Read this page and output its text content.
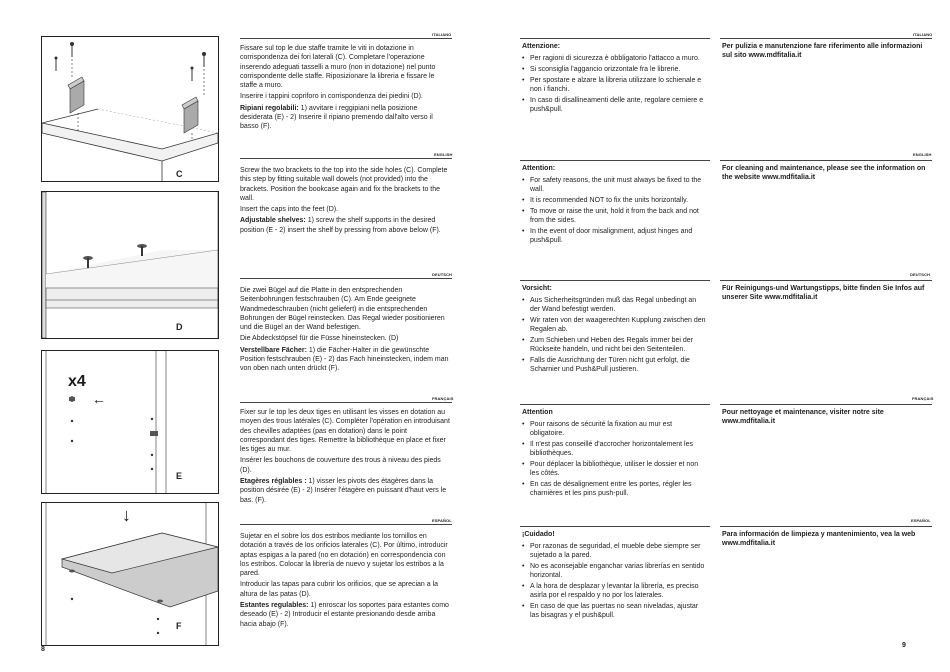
C
D
x4
←
E
↓
F
ITALIANO

Fissare sul top le due staffe tramite le viti in dotazione in corrispondenza dei fori laterali (C). Completare l'operazione inserendo adeguati tasselli a muro (non in dotazione) nel punto corrispondente delle staffe. Riposizionare la libreria e fissare le staffe a muro.

Inserire i tappini copriforo in corrispondenza dei piedini (D).

Ripiani regolabili: 1) avvitare i reggipiani nella posizione desiderata (E) - 2) Inserire il ripiano premendo dall'alto verso il basso (F).

ENGLISH

Screw the two brackets to the top into the side holes (C). Complete this step by fitting suitable wall dowels (not provided) into the brackets. Position the bookcase again and fix the brackets to the wall.

Insert the caps into the feet (D).

Adjustable shelves: 1) screw the shelf supports in the desired position (E - 2) insert the shelf by pressing from above below (F).

DEUTSCH

Die zwei Bügel auf die Platte in den entsprechenden Seitenbohrungen festschrauben (C). Am Ende geeignete Wandmedeschrauben (nicht geliefert) in die entsprechenden Bohrungen der Bügel reinstecken. Das Regal wieder positionieren und die Bügel an der Wand befestigen.

Die Abdeckstöpsel für die Füsse hineinstecken. (D)

Verstellbare Fächer: 1) die Fächer-Halter in die gewünschte Position festschrauben (E) - 2) das Fach hineinstecken, indem man von oben nach unten drückt (F).

FRANÇAIS

Fixer sur le top les deux tiges en utilisant les visses en dotation au moyen des trous latérales (C). Compléter l'opération en introduisant des chevilles adaptées (pas en dotation) dans le point correspondant des tiges. Remettre la bibliothèque en place et fixer les tiges au mur.

Insérer les bouchons de couverture des trous à niveau des pieds (D).

Etagères réglables : 1) visser les pivots des étagères dans la position désirée (E) - 2) Insérer l'étagère en puissant d'haut vers le bas. (F).

ESPAÑOL

Sujetar en el sobre los dos estribos mediante los tornillos en dotación a través de los orificios laterales (C). Por último, introducir aptas espigas a la pared (no en dotación) en correspondencia con los estribos. Colocar la librería de nuevo y sujetar los estribos a la pared.

Introducir las tapas para cubrir los orificios, que se aprecian a la altura de las patas (D).

Estantes regulables: 1) enroscar los soportes para estantes como deseado (E) - 2) Introducir el estante presionando desde arriba hacia abajo (F).

8
ITALIANO
Attenzione:
• Per ragioni di sicurezza è obbligatorio l'attacco a muro.
• Si sconsiglia l'aggancio orizzontale fra le librerie.
• Per spostare e alzare la libreria utilizzare lo schienale e non i fianchi.
• In caso di disallineamenti delle ante, regolare cerniere e push&pull.
Per pulizia e manutenzione fare riferimento alle informazioni sul sito www.mdfitalia.it
ENGLISH
Attention:
• For safety reasons, the unit must always be fixed to the wall.
• It is recommended NOT to fix the units horizontally.
• To move or raise the unit, hold it from the back and not from the sides.
• In the event of door misalignment, adjust hinges and push&pull.
For cleaning and maintenance, please see the information on the website www.mdfitalia.it
DEUTSCH
Vorsicht:
• Aus Sicherheitsgründen muß das Regal unbedingt an der Wand befestigt werden.
• Wir raten von der waagerechten Kupplung zwischen den Regalen ab.
• Zum Schieben und Heben des Regals immer bei der Rückseite handeln, und nicht bei den Seitenteilen.
• Falls die Ausrichtung der Türen nicht gut erfolgt, die Scharnier und Push&Pull justieren.
Für Reinigungs-und Wartungstipps, bitte finden Sie Infos auf unserer Site www.mdfitalia.it
FRANÇAIS
Attention
• Pour raisons de sécurité la fixation au mur est obligatoire.
• Il n'est pas conseillé d'accrocher horizontalement les bibliothèques.
• Pour déplacer la bibliothèque, utiliser le dossier et non les côtés.
• En cas de désalignement entre les portes, régler les charnières et les pins push-pull.
Pour nettoyage et maintenance, visiter notre site www.mdfitalia.it
ESPAÑOL
¡Cuidado!
• Por razonas de seguridad, el mueble debe siempre ser sujetado a la pared.
• No es aconsejable enganchar varias librerías en sentido horizontal.
• A la hora de desplazar y levantar la librería, es preciso asirla por el respaldo y no por los laterales.
• En caso de que las puertas no sean niveladas, ajustar las bisagras y el push&pull.
Para información de limpieza y mantenimiento, vea la web www.mdfitalia.it
9
